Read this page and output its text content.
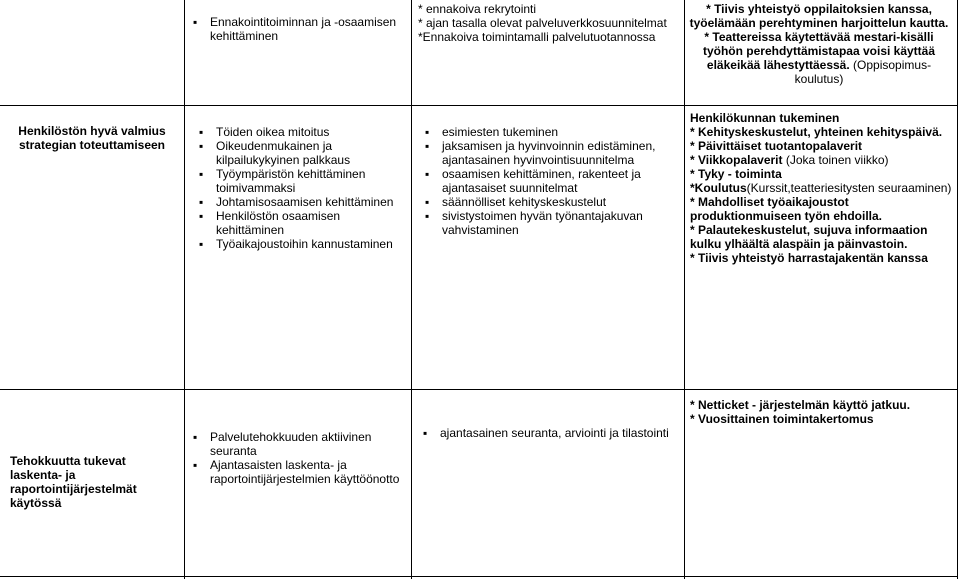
▪ Ennakointitoiminnan ja -osaamisen kehittäminen
* ennakoiva rekrytointi
* ajan tasalla olevat palveluverkkosuunnitelmat
*Ennakoiva toimintamalli palvelutuotannossa
* Tiivis yhteistyö oppilaitoksien kanssa, työelämään perehtyminen harjoittelun kautta.
* Teattereissa käytettävää mestari-kisälli työhön perehdyttämistapaa voisi käyttää eläkeikää lähestyttäessä. (Oppisopimus-koulutus)
Henkilöstön hyvä valmius strategian toteuttamiseen
▪ Töiden oikea mitoitus
▪ Oikeudenmukainen ja kilpailukykyinen palkkaus
▪ Työympäristön kehittäminen toimivammaksi
▪ Johtamisosaamisen kehittäminen
▪ Henkilöstön osaamisen kehittäminen
▪ Työaikajoustoihin kannustaminen
▪ esimiesten tukeminen
▪ jaksamisen ja hyvinvoinnin edistäminen, ajantasainen hyvinvointisuunnitelma
▪ osaamisen kehittäminen, rakenteet ja ajantasaiset suunnitelmat
▪ säännölliset kehityskeskustelut
▪ sivistystoimen hyvän työnantajakuvan vahvistaminen
Henkilökunnan tukeminen
* Kehityskeskustelut, yhteinen kehityspäivä.
* Päivittäiset tuotantopalaverit
* Viikkopalaverit (Joka toinen viikko)
* Tyky - toiminta
*Koulutus(Kurssit,teatteriesitysten seuraaminen)
* Mahdolliset työaikajoustot produktionmuiseen työn ehdoilla.
* Palautekeskustelut, sujuva informaation kulku ylhäältä alaspäin ja päinvastoin.
* Tiivis yhteistyö harrastajakentän kanssa
Tehokkuutta tukevat laskenta- ja raportointijärjestelmät käytössä
▪ Palvelutehokkuuden aktiivinen seuranta
▪ Ajantasaisten laskenta- ja raportointijärjestelmien käyttöönotto
▪ ajantasainen seuranta, arviointi ja tilastointi
* Netticket - järjestelmän käyttö jatkuu.
* Vuosittainen toimintakertomus
